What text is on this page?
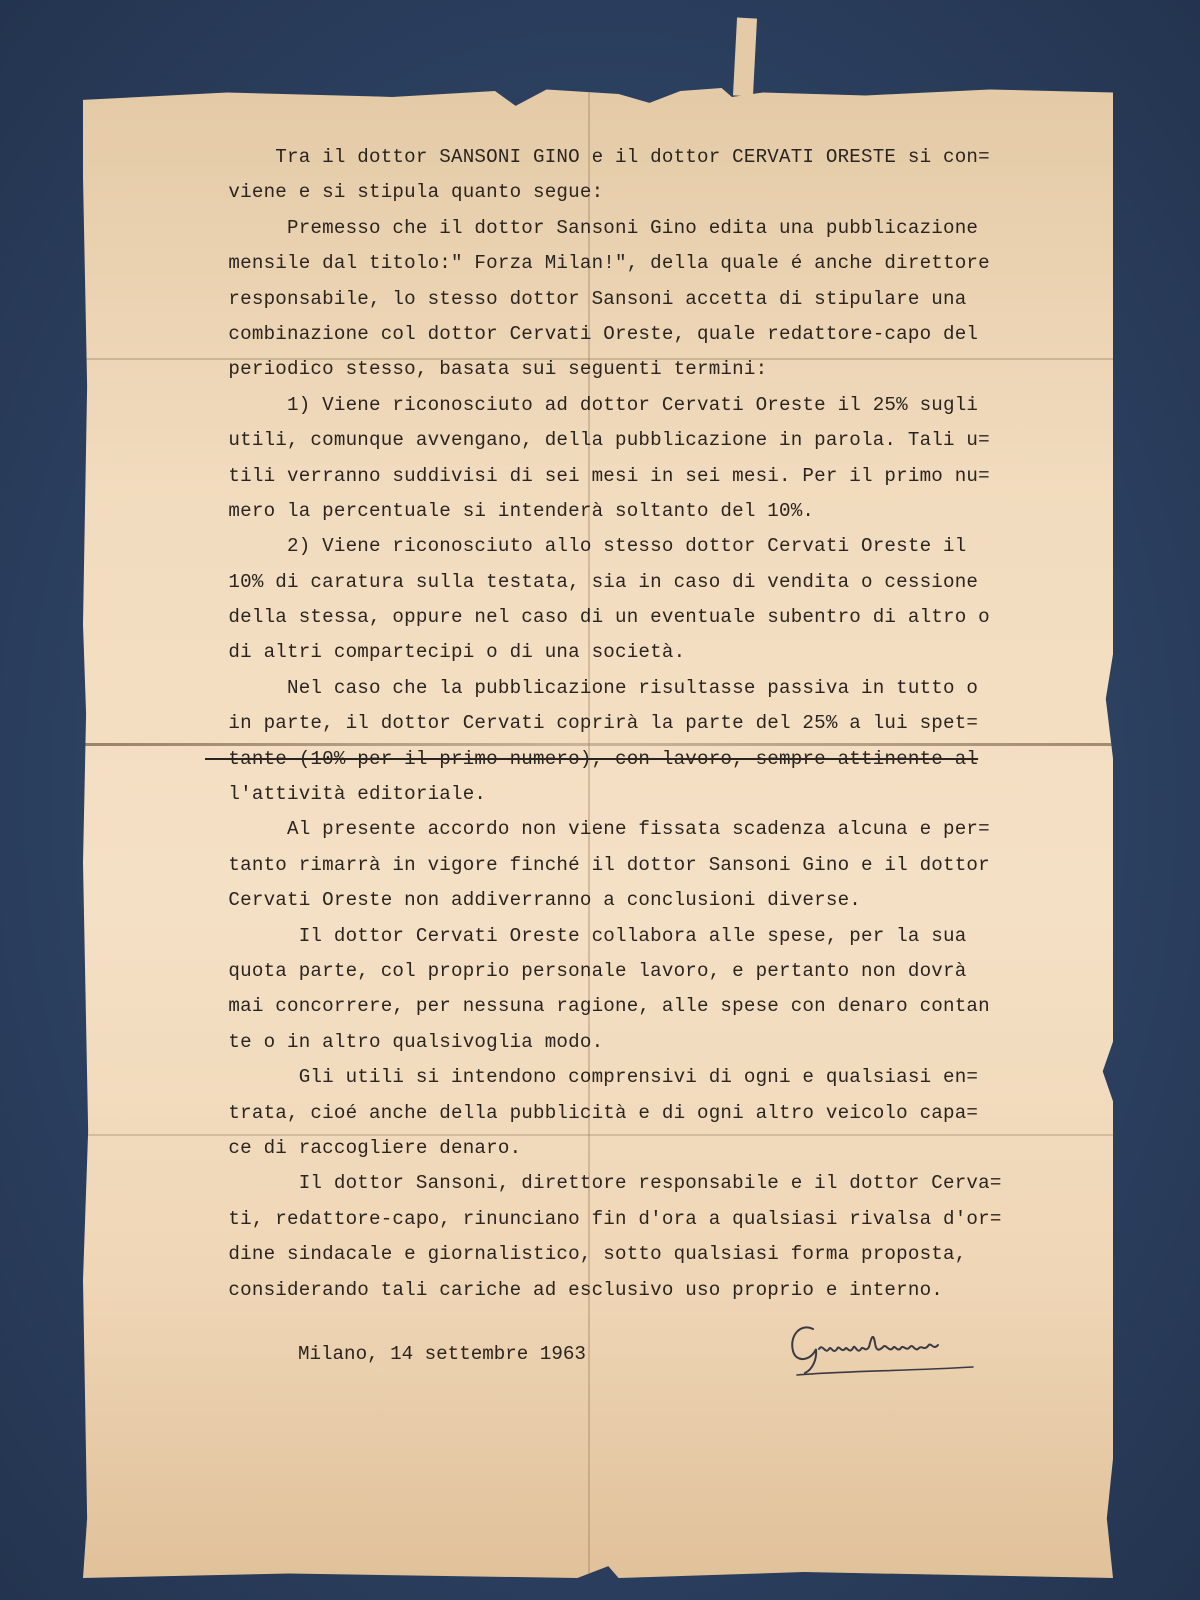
Tra il dottor SANSONI GINO e il dottor CERVATI ORESTE si con=
viene e si stipula quanto segue:
Premesso che il dottor Sansoni Gino edita una pubblicazione
mensile dal titolo:" Forza Milan!", della quale é anche direttore
responsabile, lo stesso dottor Sansoni accetta di stipulare una
combinazione col dottor Cervati Oreste, quale redattore-capo del
periodico stesso, basata sui seguenti termini:
1) Viene riconosciuto ad dottor Cervati Oreste il 25% sugli
utili, comunque avvengano, della pubblicazione in parola. Tali u=
tili verranno suddivisi di sei mesi in sei mesi. Per il primo nu=
mero la percentuale si intenderà soltanto del 10%.
2) Viene riconosciuto allo stesso dottor Cervati Oreste il
10% di caratura sulla testata, sia in caso di vendita o cessione
della stessa, oppure nel caso di un eventuale subentro di altro o
di altri compartecipi o di una società.
Nel caso che la pubblicazione risultasse passiva in tutto o
in parte, il dottor Cervati coprirà la parte del 25% a lui spet=
tante (10% per il primo numero), con lavoro, sempre attinente al
l'attività editoriale.
Al presente accordo non viene fissata scadenza alcuna e per=
tanto rimarrà in vigore finché il dottor Sansoni Gino e il dottor
Cervati Oreste non addiverranno a conclusioni diverse.
Il dottor Cervati Oreste collabora alle spese, per la sua
quota parte, col proprio personale lavoro, e pertanto non dovrà
mai concorrere, per nessuna ragione, alle spese con denaro contan
te o in altro qualsivoglia modo.
Gli utili si intendono comprensivi di ogni e qualsiasi en=
trata, cioé anche della pubblicità e di ogni altro veicolo capa=
ce di raccogliere denaro.
Il dottor Sansoni, direttore responsabile e il dottor Cerva=
ti, redattore-capo, rinunciano fin d'ora a qualsiasi rivalsa d'or=
dine sindacale e giornalistico, sotto qualsiasi forma proposta,
considerando tali cariche ad esclusivo uso proprio e interno.
Milano, 14 settembre 1963
